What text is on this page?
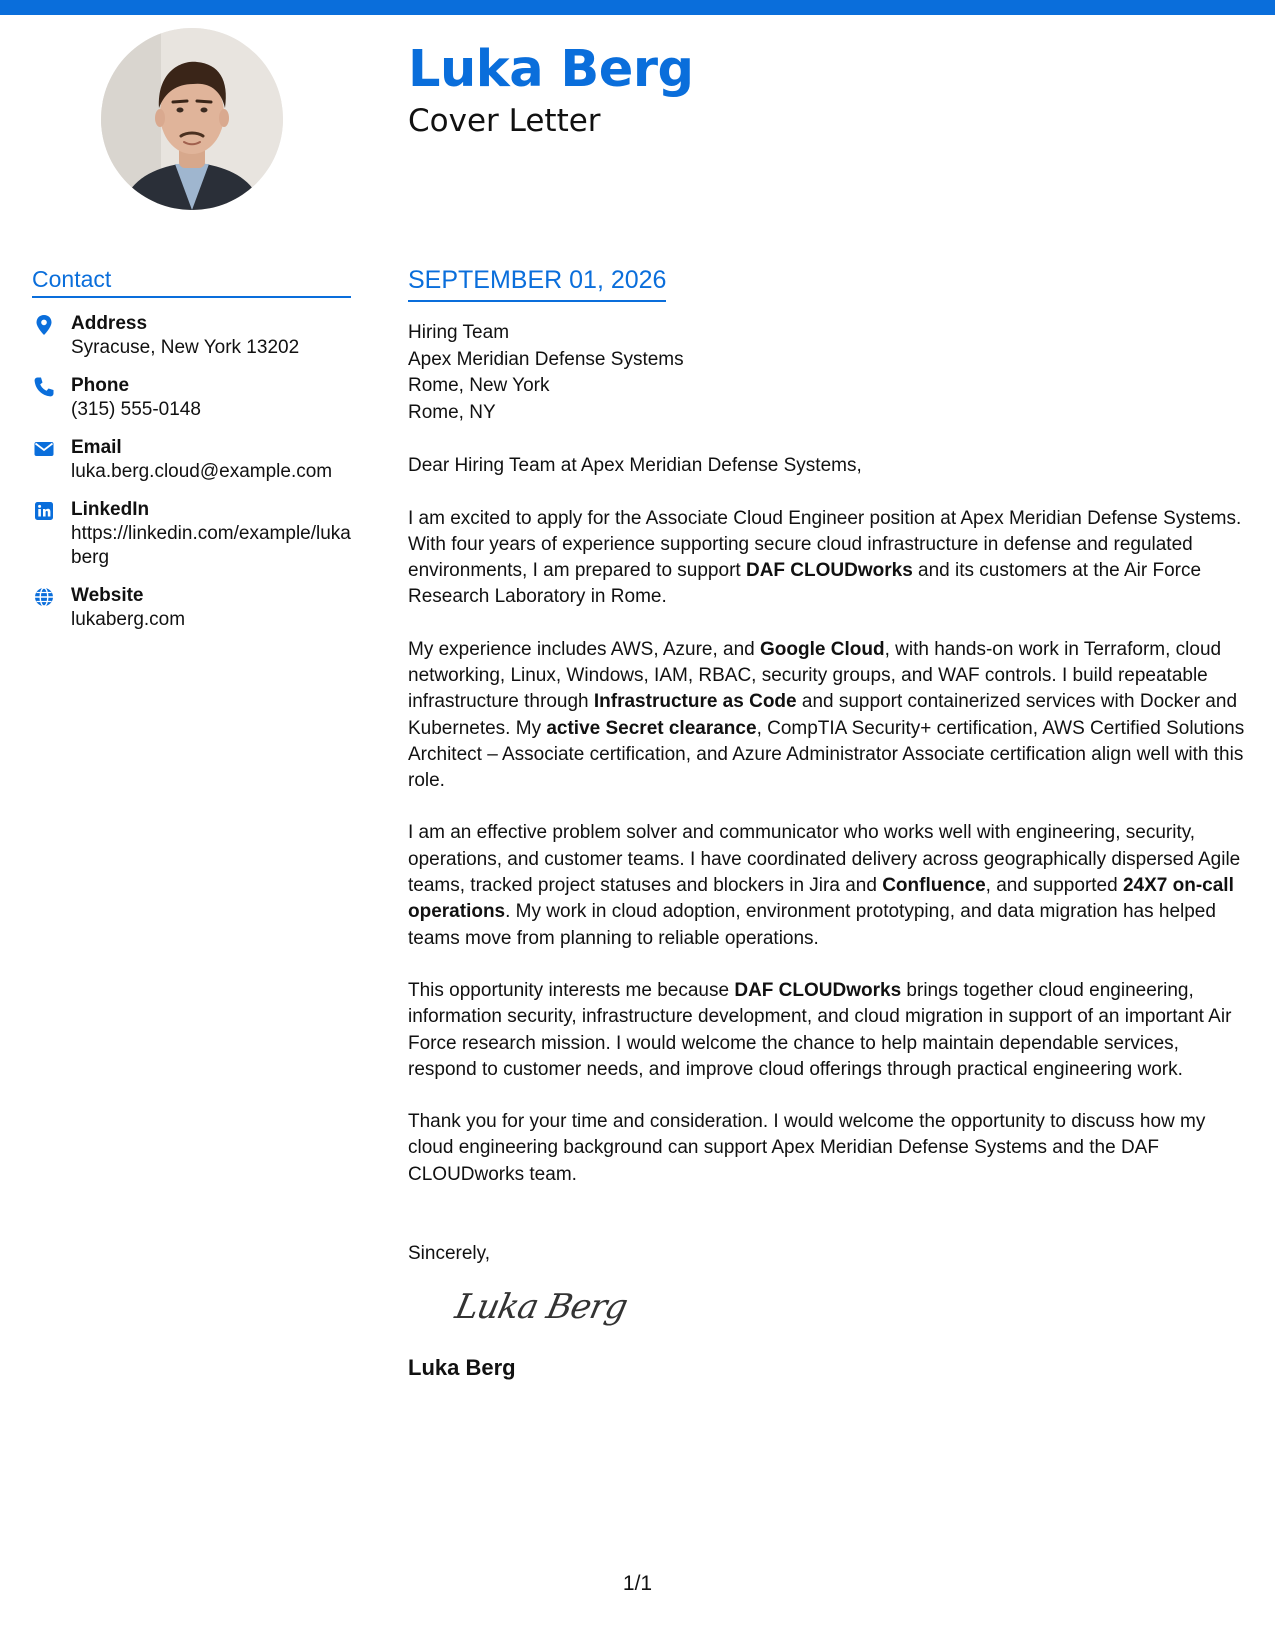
Luka Berg
Cover Letter
Contact
Address
Syracuse, New York 13202
Phone
(315) 555-0148
Email
luka.berg.cloud@example.com
LinkedIn
https://linkedin.com/example/lukaberg
Website
lukaberg.com
SEPTEMBER 01, 2026
Hiring Team
Apex Meridian Defense Systems
Rome, New York
Rome, NY
Dear Hiring Team at Apex Meridian Defense Systems,

I am excited to apply for the Associate Cloud Engineer position at Apex Meridian Defense Systems. With four years of experience supporting secure cloud infrastructure in defense and regulated environments, I am prepared to support DAF CLOUDworks and its customers at the Air Force Research Laboratory in Rome.

My experience includes AWS, Azure, and Google Cloud, with hands-on work in Terraform, cloud networking, Linux, Windows, IAM, RBAC, security groups, and WAF controls. I build repeatable infrastructure through Infrastructure as Code and support containerized services with Docker and Kubernetes. My active Secret clearance, CompTIA Security+ certification, AWS Certified Solutions Architect – Associate certification, and Azure Administrator Associate certification align well with this role.

I am an effective problem solver and communicator who works well with engineering, security, operations, and customer teams. I have coordinated delivery across geographically dispersed Agile teams, tracked project statuses and blockers in Jira and Confluence, and supported 24X7 on-call operations. My work in cloud adoption, environment prototyping, and data migration has helped teams move from planning to reliable operations.

This opportunity interests me because DAF CLOUDworks brings together cloud engineering, information security, infrastructure development, and cloud migration in support of an important Air Force research mission. I would welcome the chance to help maintain dependable services, respond to customer needs, and improve cloud offerings through practical engineering work.

Thank you for your time and consideration. I would welcome the opportunity to discuss how my cloud engineering background can support Apex Meridian Defense Systems and the DAF CLOUDworks team.

Sincerely,
Luka Berg
Luka Berg
1/1
